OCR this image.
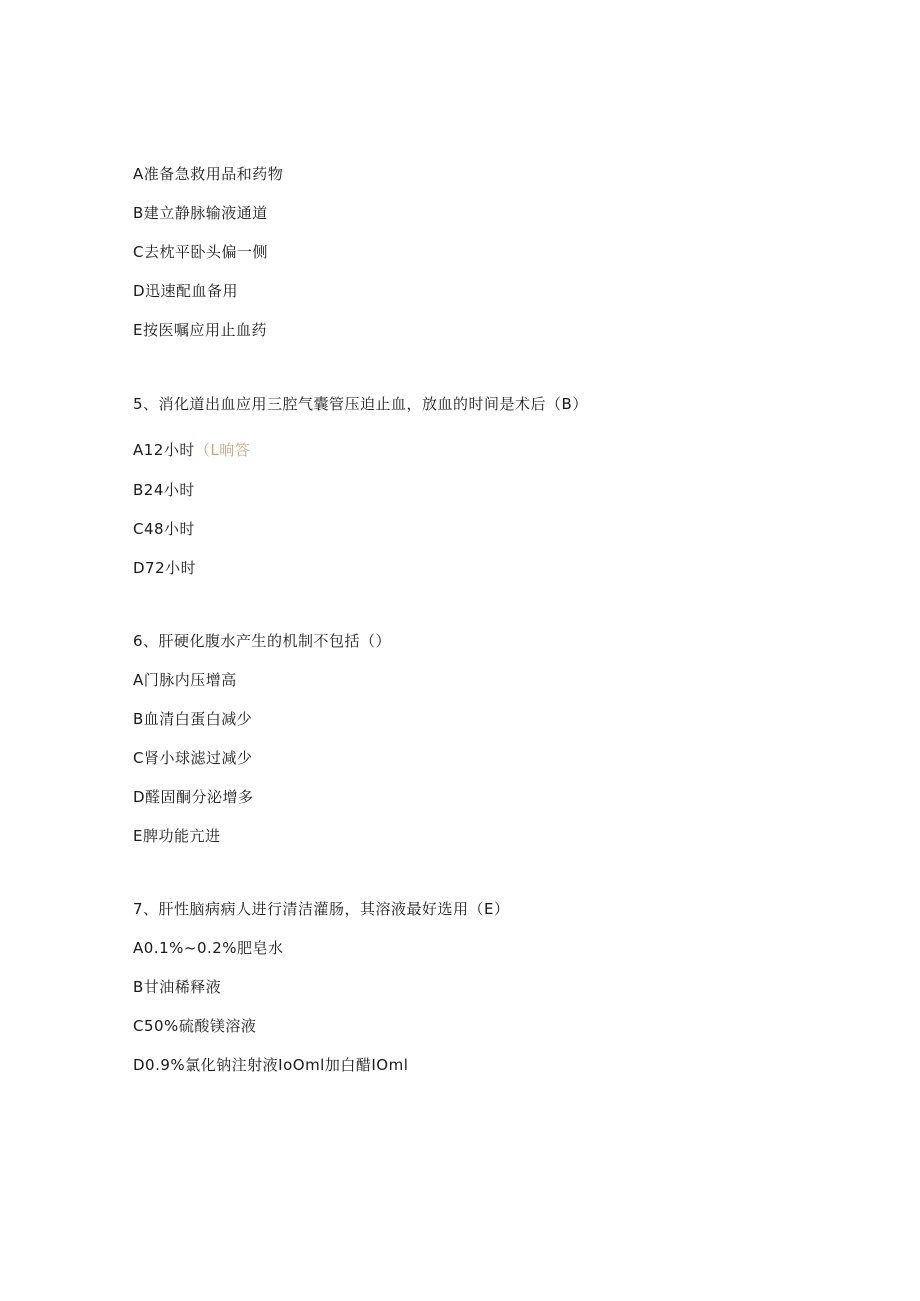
A准备急救用品和药物
B建立静脉输液通道
C去枕平卧头偏一侧
D迅速配血备用
E按医嘱应用止血药
5、消化道出血应用三腔气囊管压迫止血，放血的时间是术后（B）
A12小时（L晌答
B24小时
C48小时
D72小时
6、肝硬化腹水产生的机制不包括（）
A门脉内压增高
B血清白蛋白减少
C肾小球滤过减少
D醛固酮分泌增多
E脾功能亢进
7、肝性脑病病人进行清洁灌肠，其溶液最好选用（E）
A0.1%~0.2%肥皂水
B甘油稀释液
C50%硫酸镁溶液
D0.9%氯化钠注射液IoOml加白醋IOml
